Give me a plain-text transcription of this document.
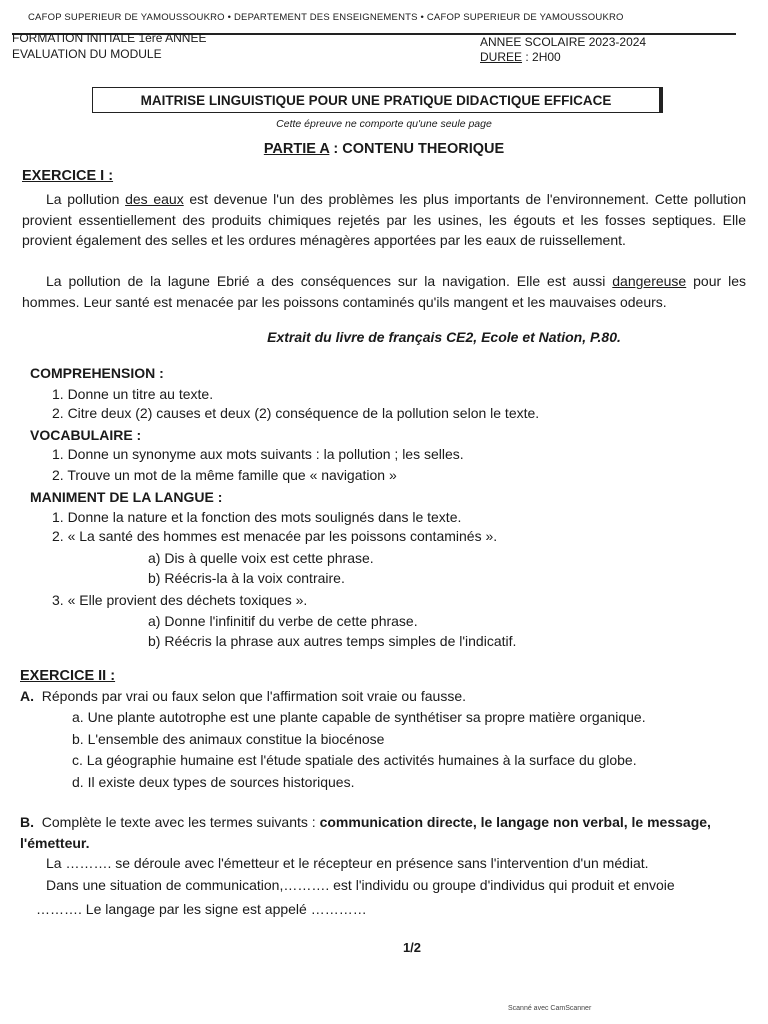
CAFOP SUPERIEUR DE YAMOUSSOUKRO • DEPARTEMENT DES ENSEIGNEMENTS • CAFOP SUPERIEUR DE YAMOUSSOUKRO
FORMATION INITIALE 1ère ANNEE
EVALUATION DU MODULE
ANNEE SCOLAIRE 2023-2024
DUREE : 2H00
MAITRISE LINGUISTIQUE POUR UNE PRATIQUE DIDACTIQUE EFFICACE
Cette épreuve ne comporte qu'une seule page
PARTIE A : CONTENU THEORIQUE
EXERCICE I :
La pollution des eaux est devenue l'un des problèmes les plus importants de l'environnement. Cette pollution provient essentiellement des produits chimiques rejetés par les usines, les égouts et les fosses septiques. Elle provient également des selles et les ordures ménagères apportées par les eaux de ruissellement.
La pollution de la lagune Ebrié a des conséquences sur la navigation. Elle est aussi dangereuse pour les hommes. Leur santé est menacée par les poissons contaminés qu'ils mangent et les mauvaises odeurs.
Extrait du livre de français CE2, Ecole et Nation, P.80.
COMPREHENSION :
1. Donne un titre au texte.
2. Citre deux (2) causes et deux (2) conséquence de la pollution selon le texte.
VOCABULAIRE :
1. Donne un synonyme aux mots suivants : la pollution ; les selles.
2. Trouve un mot de la même famille que « navigation »
MANIMENT DE LA LANGUE :
1. Donne la nature et la fonction des mots soulignés dans le texte.
2. « La santé des hommes est menacée par les poissons contaminés ».
a) Dis à quelle voix est cette phrase.
b) Réécris-la à la voix contraire.
3. « Elle provient des déchets toxiques ».
a) Donne l'infinitif du verbe de cette phrase.
b) Réécris la phrase aux autres temps simples de l'indicatif.
EXERCICE II :
A. Réponds par vrai ou faux selon que l'affirmation soit vraie ou fausse.
a. Une plante autotrophe est une plante capable de synthétiser sa propre matière organique.
b. L'ensemble des animaux constitue la biocénose
c. La géographie humaine est l'étude spatiale des activités humaines à la surface du globe.
d. Il existe deux types de sources historiques.
B. Complète le texte avec les termes suivants : communication directe, le langage non verbal, le message, l'émetteur.
La ………. se déroule avec l'émetteur et le récepteur en présence sans l'intervention d'un médiat.
Dans une situation de communication,………. est l'individu ou groupe d'individus qui produit et envoie
………. Le langage par les signe est appelé …………
1/2
Scanné avec CamScanner
